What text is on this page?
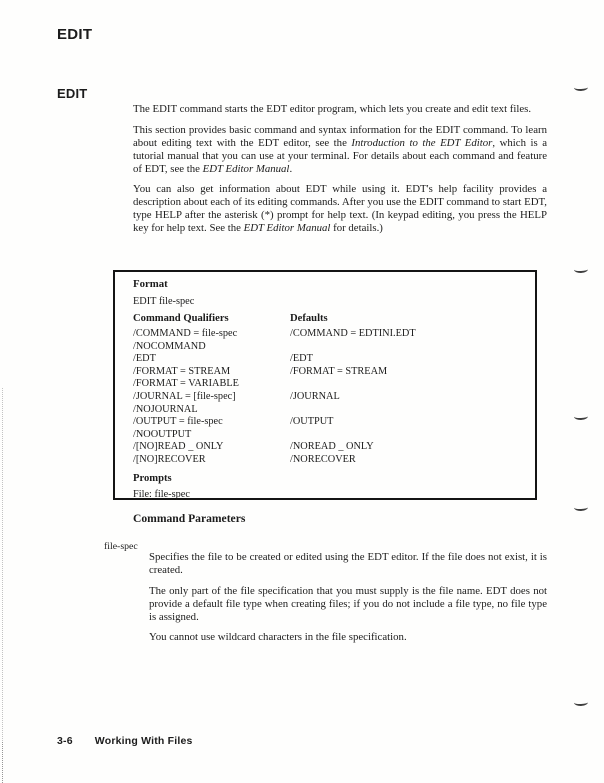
EDIT
EDIT

The EDIT command starts the EDT editor program, which lets you create and edit text files.

This section provides basic command and syntax information for the EDIT command. To learn about editing text with the EDT editor, see the Introduction to the EDT Editor, which is a tutorial manual that you can use at your terminal. For details about each command and feature of EDT, see the EDT Editor Manual.

You can also get information about EDT while using it. EDT's help facility provides a description about each of its editing commands. After you use the EDIT command to start EDT, type HELP after the asterisk (*) prompt for help text. (In keypad editing, you press the HELP key for help text. See the EDT Editor Manual for details.)

Format
EDIT file-spec
Command Qualifiers	Defaults
/COMMAND = file-spec	/COMMAND = EDTINI.EDT
/NOCOMMAND
/EDT	/EDT
/FORMAT = STREAM	/FORMAT = STREAM
/FORMAT = VARIABLE
/JOURNAL = [file-spec]	/JOURNAL
/NOJOURNAL
/OUTPUT = file-spec	/OUTPUT
/NOOUTPUT
/[NO]READ _ ONLY	/NOREAD _ ONLY
/[NO]RECOVER	/NORECOVER
Prompts
File: file-spec
Command Parameters
file-spec

Specifies the file to be created or edited using the EDT editor. If the file does not exist, it is created.

The only part of the file specification that you must supply is the file name. EDT does not provide a default file type when creating files; if you do not include a file type, no file type is assigned.

You cannot use wildcard characters in the file specification.

3-6 Working With Files
